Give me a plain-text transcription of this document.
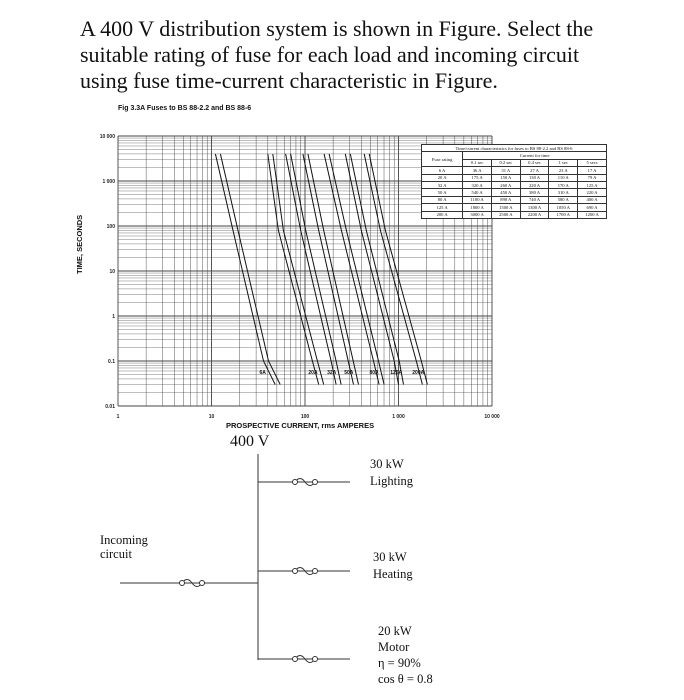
A 400 V distribution system is shown in Figure. Select the suitable rating of fuse for each load and incoming circuit using fuse time-current characteristic in Figure.
1	10	100	1 000	10 000
0.01
0.1
1
10
100
1 000
10 000
6A	20A 32A 50A	80A 125A 200A
Fig 3.3A Fuses to BS 88-2.2 and BS 88-6
PROSPECTIVE CURRENT, rms AMPERES
TIME, SECONDS
Time/current characteristics for fuses to BS 88-2.2 and BS 88-6					
Fuse rating	Current for time				
	0.1 sec	0.2 sec	0.4 sec	1 sec	5 secs
6 A	36 A	31 A	27 A	23 A	17 A
20 A	175 A	150 A	130 A	110 A	79 A
32 A	320 A	260 A	220 A	170 A	125 A
50 A	540 A	450 A	380 A	310 A	220 A
80 A	1100 A	890 A	740 A	580 A	400 A
125 A	1800 A	1500 A	1300 A	1050 A	690 A
200 A	3000 A	2500 A	2200 A	1700 A	1200 A
400 V
Incoming
circuit
30 kW
Lighting
30 kW
Heating
20 kW
Motor
η = 90%
cos θ = 0.8
